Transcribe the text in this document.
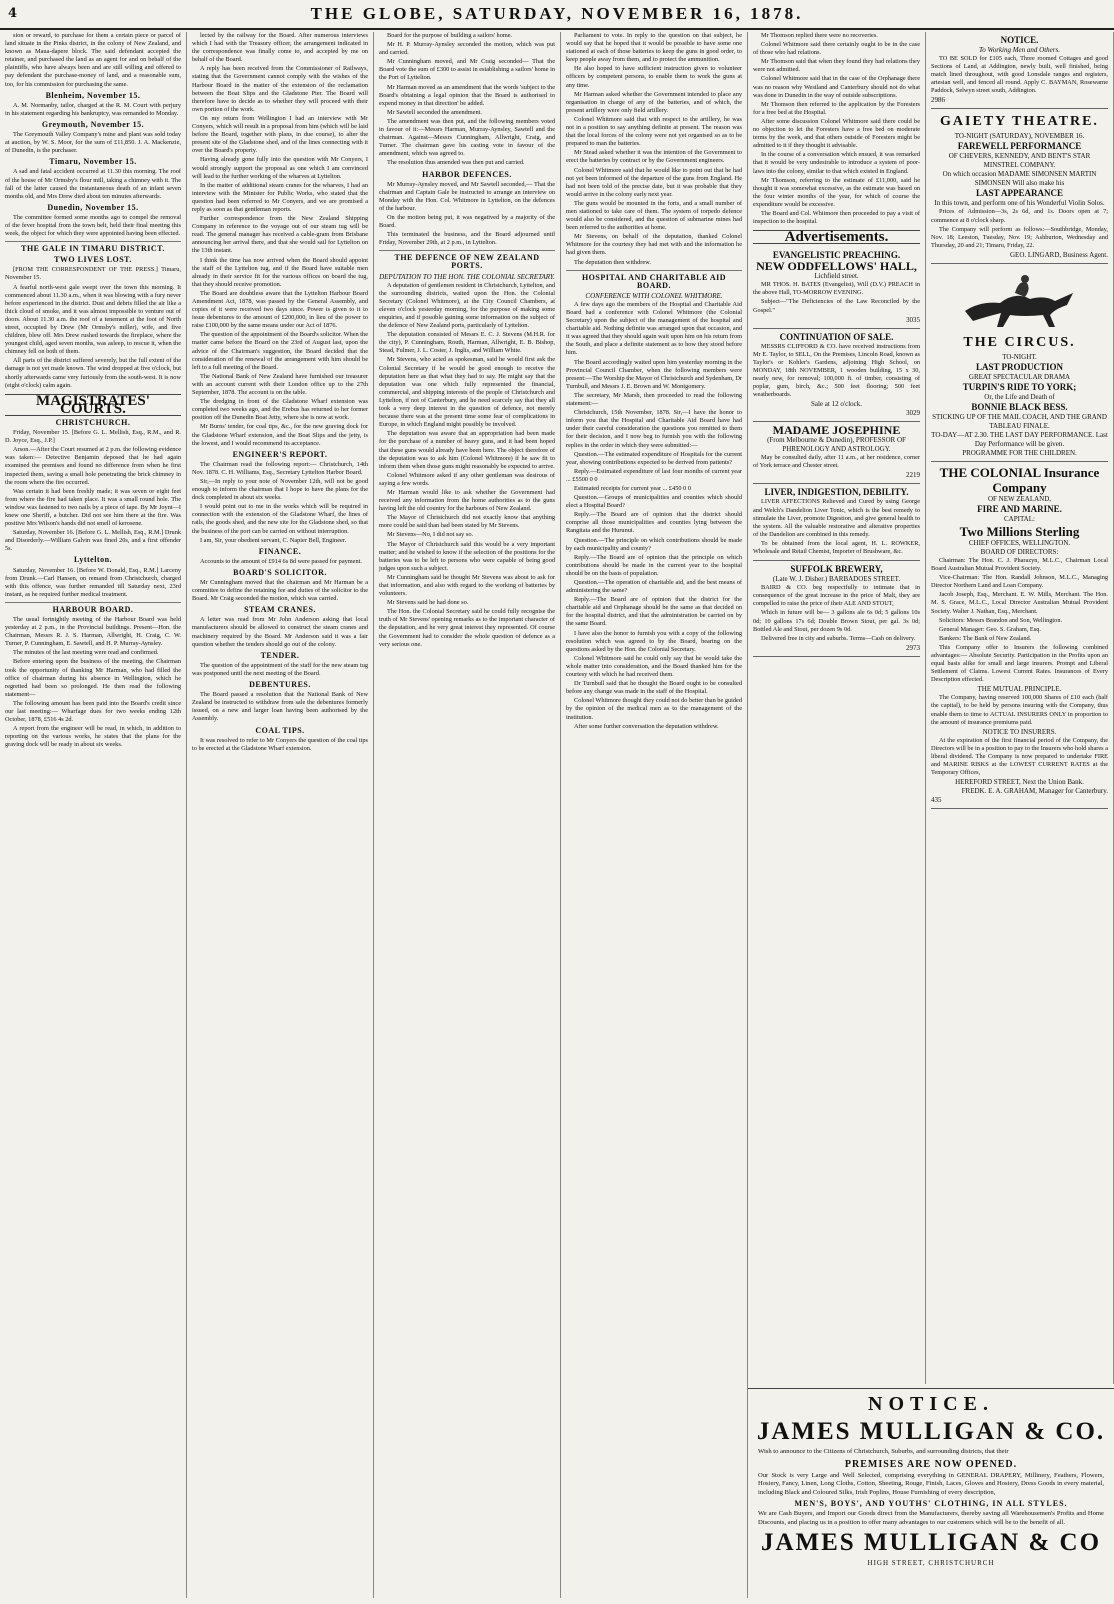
4	THE GLOBE, SATURDAY, NOVEMBER 16, 1878.

sion or reward, to purchase for them a certain piece or parcel of land situate in the Pinks district, in the colony of New Zealand, and known as Maua-dapere block. The said defendant accepted the retainer, and purchased the land as an agent for and on behalf of the plaintiffs, who have always been and are still willing and offered to pay defendant the purchase-money of land, and a reasonable sum, too, for his commission for purchasing the same.

Blenheim, November 15.

A. M. Normanby, tailor, charged at the R. M. Court with perjury in his statement regarding his bankruptcy, was remanded to Monday.

Greymouth, November 15.

The Greymouth Valley Company's mine and plant was sold today at auction, by W. S. Moor, for the sum of £11,850. J. A. Mackenzie, of Dunedin, is the purchaser.

Timaru, November 15.

A sad and fatal accident occurred at 11.30 this morning. The roof of the house of Mr Ormsby's flour mill, taking a chimney with it. The fall of the latter caused the instantaneous death of an infant seven months old, and Mrs Drew died about ten minutes afterwards.

Dunedin, November 15.

The committee formed some months ago to compel the removal of the fever hospital from the town belt, held their final meeting this week, the object for which they were appointed having been effected.

THE GALE IN TIMARU DISTRICT.
TWO LIVES LOST.

[FROM THE CORRESPONDENT OF THE PRESS.] Timaru, November 15.

A fearful north-west gale swept over the town this morning. It commenced about 11.30 a.m., when it was blowing with a fury never before experienced in the district. Dust and debris filled the air like a thick cloud of smoke, and it was almost impossible to venture out of doors. About 11.30 a.m. the roof of a tenement at the foot of North street, occupied by Drew (Mr Ormsby's miller), wife, and five children, blew off. Mrs Drew rushed towards the fireplace, where the youngest child, aged seven months, was asleep, to rescue it, when the chimney fell on both of them.

All parts of the district suffered severely, but the full extent of the damage is not yet made known. The wind dropped at five o'clock, but shortly afterwards came very furiously from the south-west. It is now (eight o'clock) calm again.

MAGISTRATES' COURTS.
CHRISTCHURCH.

Friday, November 15. [Before G. L. Mellish, Esq., R.M., and R. D. Joyce, Esq., J.P.]

Arson.—After the Court resumed at 2 p.m. the following evidence was taken:— Detective Benjamin deposed that he had again examined the premises and found no difference from when he first inspected them, saving a small hole penetrating the brick chimney in the room where the fire occurred.

Was certain it had been freshly made; it was seven or eight feet from where the fire had taken place. It was a small round hole. The window was fastened to two nails by a piece of tape. By Mr Joynt—I knew one Sheriff, a butcher. Did not see him there at the fire. Was positive Mrs Wilson's hands did not smell of kerosene.

Saturday, November 16. [Before G. L. Mellish, Esq., R.M.] Drunk and Disorderly.—William Galvin was fined 20s, and a first offender 5s.

Lyttelton.

Saturday, November 16. [Before W. Donald, Esq., R.M.] Larceny from Drunk.—Carl Hansen, on remand from Christchurch, charged with this offence, was further remanded till Saturday next, 23rd instant, as he required further medical treatment.

HARBOUR BOARD.

The usual fortnightly meeting of the Harbour Board was held yesterday at 2 p.m., in the Provincial buildings. Present—Hon. the Chairman, Messrs R. J. S. Harman, Allwright, H. Craig, C. W. Turner, P. Cunningham, E. Sawtell, and H. P. Murray-Aynsley.

The minutes of the last meeting were read and confirmed.

Before entering upon the business of the meeting, the Chairman took the opportunity of thanking Mr Harman, who had filled the office of chairman during his absence in Wellington, which he regretted had been so prolonged. He then read the following statement—

The following amount has been paid into the Board's credit since our last meeting:— Wharfage dues for two weeks ending 12th October, 1878, £516 4s 2d.

A report from the engineer will be read, in which, in addition to reporting on the various works, he states that the plans for the graving dock will be ready in about six weeks.

lected by the railway for the Board. After numerous interviews which I had with the Treasury officer, the arrangement indicated in the correspondence was finally come to, and accepted by me on behalf of the Board.

A reply has been received from the Commissioner of Railways, stating that the Government cannot comply with the wishes of the Harbour Board in the matter of the extension of the reclamation between the Boat Slips and the Gladstone Pier. The Board will therefore have to decide as to whether they will proceed with their own portion of the work.

On my return from Wellington I had an interview with Mr Conyers, which will result in a proposal from him (which will be laid before the Board, together with plans, in due course), to alter the present site of the Gladstone shed, and of the lines connecting with it over the Board's property.

Having already gone fully into the question with Mr Conyers, I would strongly support the proposal as one which I am convinced will lead to the further working of the wharves at Lyttelton.

In the matter of additional steam cranes for the wharves, I had an interview with the Minister for Public Works, who stated that the question had been referred to Mr Conyers, and we are promised a reply as soon as that gentleman reports.

Further correspondence from the New Zealand Shipping Company in reference to the voyage out of our steam tug will be read. The general manager has received a cable-gram from Brisbane announcing her arrival there, and that she would sail for Lyttelton on the 13th instant.

I think the time has now arrived when the Board should appoint the staff of the Lyttelton tug, and if the Board have suitable men already in their service fit for the various offices on board the tug, that they should receive promotion.

The Board are doubtless aware that the Lyttelton Harbour Board Amendment Act, 1878, was passed by the General Assembly, and copies of it were received two days since. Power is given to it to issue debentures to the amount of £200,000, in lieu of the power to raise £100,000 by the same means under our Act of 1876.

The question of the appointment of the Board's solicitor. When the matter came before the Board on the 23rd of August last, upon the advice of the Chairman's suggestion, the Board decided that the consideration of the renewal of the arrangement with him should be left to a full meeting of the Board.

The National Bank of New Zealand have furnished our treasurer with an account current with their London office up to the 27th September, 1878. The account is on the table.

The dredging in front of the Gladstone Wharf extension was completed two weeks ago, and the Erebus has returned to her former position off the Dunedin Boat Jetty, where she is now at work.

Mr Burns' tender, for coal tips, &c., for the new graving dock for the Gladstone Wharf extension, and the Boat Slips and the jetty, is the lowest, and I would recommend its acceptance.

ENGINEER'S REPORT.

The Chairman read the following report:— Christchurch, 14th Nov. 1878. C. H. Williams, Esq., Secretary Lyttelton Harbor Board.

Sir,—In reply to your note of November 12th, will not be good enough to inform the chairman that I hope to have the plans for the dock completed in about six weeks.

I would point out to me in the works which will be required in connection with the extension of the Gladstone Wharf, the lines of rails, the goods shed, and the new site for the Gladstone shed, so that the business of the port can be carried on without interruption.

I am, Sir, your obedient servant, C. Napier Bell, Engineer.

FINANCE.

Accounts to the amount of £914 6s 8d were passed for payment.

BOARD'S SOLICITOR.

Mr Cunningham moved that the chairman and Mr Harman be a committee to define the retaining fee and duties of the solicitor to the Board. Mr Craig seconded the motion, which was carried.

STEAM CRANES.

A letter was read from Mr John Anderson asking that local manufacturers should be allowed to construct the steam cranes and machinery required by the Board. Mr Anderson said it was a fair question whether the tenders should go out of the colony.

TENDER.

The question of the appointment of the staff for the new steam tug was postponed until the next meeting of the Board.

DEBENTURES.

The Board passed a resolution that the National Bank of New Zealand be instructed to withdraw from sale the debentures formerly issued, on a new and larger loan having been authorised by the Assembly.

COAL TIPS.

It was resolved to refer to Mr Conyers the question of the coal tips to be erected at the Gladstone Wharf extension.

Board for the purpose of building a sailors' home.

Mr H. P. Murray-Aynsley seconded the motion, which was put and carried.

Mr Cunningham moved, and Mr Craig seconded— That the Board vote the sum of £300 to assist in establishing a sailors' home in the Port of Lyttelton.

Mr Harman moved as an amendment that the words 'subject to the Board's obtaining a legal opinion that the Board is authorised to expend money in that direction' be added.

Mr Sawtell seconded the amendment.

The amendment was then put, and the following members voted in favour of it:—Messrs Harman, Murray-Aynsley, Sawtell and the chairman. Against—Messrs Cunningham, Allwright, Craig, and Turner. The chairman gave his casting vote in favour of the amendment, which was agreed to.

The resolution thus amended was then put and carried.

HARBOR DEFENCES.

Mr Murray-Aynsley moved, and Mr Sawtell seconded,— That the chairman and Captain Gale be instructed to arrange an interview on Monday with the Hon. Col. Whitmore in Lyttelton, on the defences of the harbour.

On the motion being put, it was negatived by a majority of the Board.

This terminated the business, and the Board adjourned until Friday, November 29th, at 2 p.m., in Lyttelton.

THE DEFENCE OF NEW ZEALAND PORTS.
DEPUTATION TO THE HON. THE COLONIAL SECRETARY.

A deputation of gentlemen resident in Christchurch, Lyttelton, and the surrounding districts, waited upon the Hon. the Colonial Secretary (Colonel Whitmore), at the City Council Chambers, at eleven o'clock yesterday morning, for the purpose of making some enquiries, and if possible gaining some information on the subject of the defence of New Zealand ports, particularly of Lyttelton.

The deputation consisted of Messrs E. C. J. Stevens (M.H.R. for the city), P. Cunningham, Routh, Harman, Allwright, E. B. Bishop, Stead, Fulmer, J. L. Coster, J. Inglis, and William White.

Mr Stevens, who acted as spokesman, said he would first ask the Colonial Secretary if he would be good enough to receive the deputation here as that what they had to say. He might say that the deputation was one which fully represented the financial, commercial, and shipping interests of the people of Christchurch and Lyttelton, if not of Canterbury, and he need scarcely say that they all took a very deep interest in the question of defence, not merely because there was at the present time some fear of complications in Europe, in which England might possibly be involved.

The deputation was aware that an appropriation had been made for the purchase of a number of heavy guns, and it had been hoped that these guns would already have been here. The object therefore of the deputation was to ask him (Colonel Whitmore) if he saw fit to inform them when those guns might reasonably be expected to arrive.

Colonel Whitmore asked if any other gentleman was desirous of saying a few words.

Mr Harman would like to ask whether the Government had received any information from the home authorities as to the guns having left the old country for the harbours of New Zealand.

The Mayor of Christchurch did not exactly know that anything more could be said than had been stated by Mr Stevens.

Mr Stevens—No, I did not say so.

The Mayor of Christchurch said this would be a very important matter; and he wished to know if the selection of the positions for the batteries was to be left to persons who were capable of being good judges upon such a subject.

Mr Cunningham said he thought Mr Stevens was about to ask for that information, and also with regard to the working of batteries by volunteers.

Mr Stevens said he had done so.

The Hon. the Colonial Secretary said he could fully recognise the truth of Mr Stevens' opening remarks as to the important character of the deputation, and he very great interest they represented. Of course the Government had to consider the whole question of defence as a very serious one.

Parliament to vote. In reply to the question on that subject, he would say that he hoped that it would be possible to have some one stationed at each of those batteries to keep the guns in good order, to keep people away from them, and to protect the ammunition.

He also hoped to have sufficient instruction given to volunteer officers by competent persons, to enable them to work the guns at any time.

Mr Harman asked whether the Government intended to place any organisation in charge of any of the batteries, and of which, the present artillery were only field artillery.

Colonel Whitmore said that with respect to the artillery, he was not in a position to say anything definite at present. The reason was that the local forces of the colony were not yet organised so as to be prepared to man the batteries.

Mr Stead asked whether it was the intention of the Government to erect the batteries by contract or by the Government engineers.

Colonel Whitmore said that he would like to point out that he had not yet been informed of the departure of the guns from England. He had not been told of the precise date, but it was probable that they would arrive in the colony early next year.

The guns would be mounted in the forts, and a small number of men stationed to take care of them. The system of torpedo defence would also be considered, and the question of submarine mines had been referred to the authorities at home.

Mr Stevens, on behalf of the deputation, thanked Colonel Whitmore for the courtesy they had met with and the information he had given them.

The deputation then withdrew.

HOSPITAL AND CHARITABLE AID BOARD.
CONFERENCE WITH COLONEL WHITMORE.

A few days ago the members of the Hospital and Charitable Aid Board had a conference with Colonel Whitmore (the Colonial Secretary) upon the subject of the management of the hospital and charitable aid. Nothing definite was arranged upon that occasion, and it was agreed that they should again wait upon him on his return from the South, and place a definite statement as to how they stood before him.

The Board accordingly waited upon him yesterday morning in the Provincial Council Chamber, when the following members were present:—The Worship the Mayor of Christchurch and Sydenham, Dr Turnbull, and Messrs J. E. Brown and W. Montgomery.

The secretary, Mr Marsh, then proceeded to read the following statement:—

Christchurch, 15th November, 1878. Sir,—I have the honor to inform you that the Hospital and Charitable Aid Board have had under their careful consideration the questions you remitted to them for their decision, and I now beg to furnish you with the following replies in the order in which they were submitted:—

Question.—The estimated expenditure of Hospitals for the current year, showing contributions expected to be derived from patients?

Reply.—Estimated expenditure of last four months of current year ... £5500 0 0

Estimated receipts for current year ... £450 0 0

Question.—Groups of municipalities and counties which should elect a Hospital Board?

Reply.—The Board are of opinion that the district should comprise all those municipalities and counties lying between the Rangitata and the Hurunui.

Question.—The principle on which contributions should be made by each municipality and county?

Reply.—The Board are of opinion that the principle on which contributions should be made in the current year to the hospital should be on the basis of population.

Question.—The operation of charitable aid, and the best means of administering the same?

Reply.—The Board are of opinion that the district for the charitable aid and Orphanage should be the same as that decided on for the hospital district, and that the administration be carried on by the same Board.

I have also the honor to furnish you with a copy of the following resolution which was agreed to by the Board, bearing on the questions asked by the Hon. the Colonial Secretary.

Colonel Whitmore said he could only say that he would take the whole matter into consideration, and the Board thanked him for the courtesy with which he had received them.

Dr Turnbull said that he thought the Board ought to be consulted before any change was made in the staff of the Hospital.

Colonel Whitmore thought they could not do better than be guided by the opinion of the medical men as to the management of the institution.

After some further conversation the deputation withdrew.

Mr Thomson replied there were no recoveries.

Colonel Whitmore said there certainly ought to be in the case of those who had relations.

Mr Thomson said that when they found they had relations they were not admitted.

Colonel Whitmore said that in the case of the Orphanage there was no reason why Westland and Canterbury should not do what was done in Dunedin in the way of outside subscriptions.

Mr Thomson then referred to the application by the Foresters for a free bed at the Hospital.

After some discussion Colonel Whitmore said there could be no objection to let the Foresters have a free bed on moderate terms by the week, and that others outside of Foresters might be admitted to it if they thought it advisable.

In the course of a conversation which ensued, it was remarked that it would be very undesirable to introduce a system of poor-laws into the colony, similar to that which existed in England.

Mr Thomson, referring to the estimate of £11,000, said he thought it was somewhat excessive, as the estimate was based on the four winter months of the year, for which of course the expenditure would be excessive.

The Board and Col. Whitmore then proceeded to pay a visit of inspection to the hospital.

Advertisements.
EVANGELISTIC PREACHING.
NEW ODDFELLOWS' HALL,
Lichfield street.

MR THOS. H. BATES (Evangelist), Will (D.V.) PREACH in the above Hall, TO-MORROW EVENING.

Subject—"The Deficiencies of the Law Reconciled by the Gospel."

3035
CONTINUATION OF SALE.

MESSRS CLIFFORD & CO. have received instructions from Mr E. Taylor, to SELL, On the Premises, Lincoln Road, known as Taylor's or Kohler's Gardens, adjoining High School, on MONDAY, 18th NOVEMBER, 1 wooden building, 15 x 30, nearly new, for removal; 100,000 ft. of timber, consisting of poplar, gum, birch, &c.; 500 feet flooring; 500 feet weatherboards.

Sale at 12 o'clock.
3029
MADAME JOSEPHINE
(From Melbourne & Dunedin), PROFESSOR OF PHRENOLOGY AND ASTROLOGY.

May be consulted daily, after 11 a.m., at her residence, corner of York terrace and Chester street.

2219
LIVER, INDIGESTION, DEBILITY.

LIVER AFFECTIONS Relieved and Cured by using George and Welch's Dandelion Liver Tonic, which is the best remedy to stimulate the Liver, promote Digestion, and give general health to the system. All the valuable restorative and alterative properties of the Dandelion are combined in this remedy.

To be obtained from the local agent, H. L. ROWKER, Wholesale and Retail Chemist, Importer of Brushware, &c.

SUFFOLK BREWERY,
(Late W. J. Disher.) BARBADOES STREET.

BAIRD & CO. beg respectfully to intimate that in consequence of the great increase in the price of Malt, they are compelled to raise the price of their ALE AND STOUT,

Which in future will be— 3 gallons ale 6s 0d; 5 gallons 10s 0d; 10 gallons 17s 6d; Double Brown Stout, per gal. 3s 0d; Bottled Ale and Stout, per dozen 9s 0d.

Delivered free in city and suburbs. Terms—Cash on delivery.

2973
NOTICE.
To Working Men and Others.

TO BE SOLD for £105 each, Three roomed Cottages and good Sections of Land, at Addington, newly built, well finished, being match lined throughout, with good Lonsdale ranges and registers, artesian well, and fenced all round. Apply C. BAYMAN, Rosewarne Paddock, Selwyn street south, Addington.

2986
GAIETY THEATRE.
TO-NIGHT (SATURDAY), NOVEMBER 16.
FAREWELL PERFORMANCE
OF CHEVERS, KENNEDY, AND BENT'S STAR MINSTREL COMPANY.
On which occasion MADAME SIMONSEN MARTIN SIMONSEN Will also make his
LAST APPEARANCE
In this town, and perform one of his Wonderful Violin Solos.

Prices of Admission—3s, 2s 6d, and 1s. Doors open at 7; commence at 8 o'clock sharp.

The Company will perform as follows:—Southbridge, Monday, Nov. 18; Leeston, Tuesday, Nov. 19; Ashburton, Wednesday and Thursday, 20 and 21; Timaru, Friday, 22.

GEO. LINGARD, Business Agent.
THE CIRCUS.
TO-NIGHT.
LAST PRODUCTION
GREAT SPECTACULAR DRAMA
TURPIN'S RIDE TO YORK;
Or, the Life and Death of
BONNIE BLACK BESS.
STICKING UP OF THE MAIL COACH, AND THE GRAND TABLEAU FINALE.
TO-DAY—AT 2.30. THE LAST DAY PERFORMANCE. Last Day Performance will be given.
PROGRAMME FOR THE CHILDREN.
THE COLONIAL Insurance Company
OF NEW ZEALAND,
FIRE AND MARINE.
CAPITAL:
Two Millions Sterling
CHIEF OFFICES, WELLINGTON.
BOARD OF DIRECTORS:

Chairman: The Hon. C. J. Pharazyn, M.L.C., Chairman Local Board Australian Mutual Provident Society.

Vice-Chairman: The Hon. Randall Johnson, M.L.C., Managing Director Northern Land and Loan Company.

Jacob Joseph, Esq., Merchant. E. W. Mills, Merchant. The Hon. M. S. Grace, M.L.C., Local Director Australian Mutual Provident Society. Walter J. Nathan, Esq., Merchant.

Solicitors: Messrs Brandon and Son, Wellington.

General Manager: Geo. S. Graham, Esq.

Bankers: The Bank of New Zealand.

This Company offer to Insurers the following combined advantages:— Absolute Security. Participation in the Profits upon an equal basis alike for small and large insurers. Prompt and Liberal Settlement of Claims. Lowest Current Rates. Insurances of Every Description effected.

THE MUTUAL PRINCIPLE.

The Company, having reserved 100,000 Shares of £10 each (half the capital), to be held by persons insuring with the Company, thus enable them to time to ACTUAL INSURERS ONLY in proportion to the amount of insurance premiums paid.

NOTICE TO INSURERS.

At the expiration of the first financial period of the Company, the Directors will be in a position to pay to the Insurers who hold shares a liberal dividend. The Company is now prepared to undertake FIRE and MARINE RISKS at the LOWEST CURRENT RATES at the Temporary Offices,

HEREFORD STREET, Next the Union Bank.
FREDK. E. A. GRAHAM, Manager for Canterbury.
435
NOTICE.
JAMES MULLIGAN & CO.
Wish to announce to the Citizens of Christchurch, Suburbs, and surrounding districts, that their
PREMISES ARE NOW OPENED.
Our Stock is very Large and Well Selected, comprising everything in GENERAL DRAPERY, Millinery, Feathers, Flowers, Hosiery, Fancy, Linen, Long Cloths, Cotton, Sheeting, Rouge, Finish, Laces, Gloves and Hosiery, Dress Goods in every material, including Black and Coloured Silks, Irish Poplins, House Furnishing of every description,
MEN'S, BOYS', AND YOUTHS' CLOTHING, IN ALL STYLES.
We are Cash Buyers, and Import our Goods direct from the Manufacturers, thereby saving all Warehousemen's Profits and Home Discounts, and placing us in a position to offer many advantages to our customers which will be to the benefit of all.
JAMES MULLIGAN & CO
HIGH STREET, CHRISTCHURCH
